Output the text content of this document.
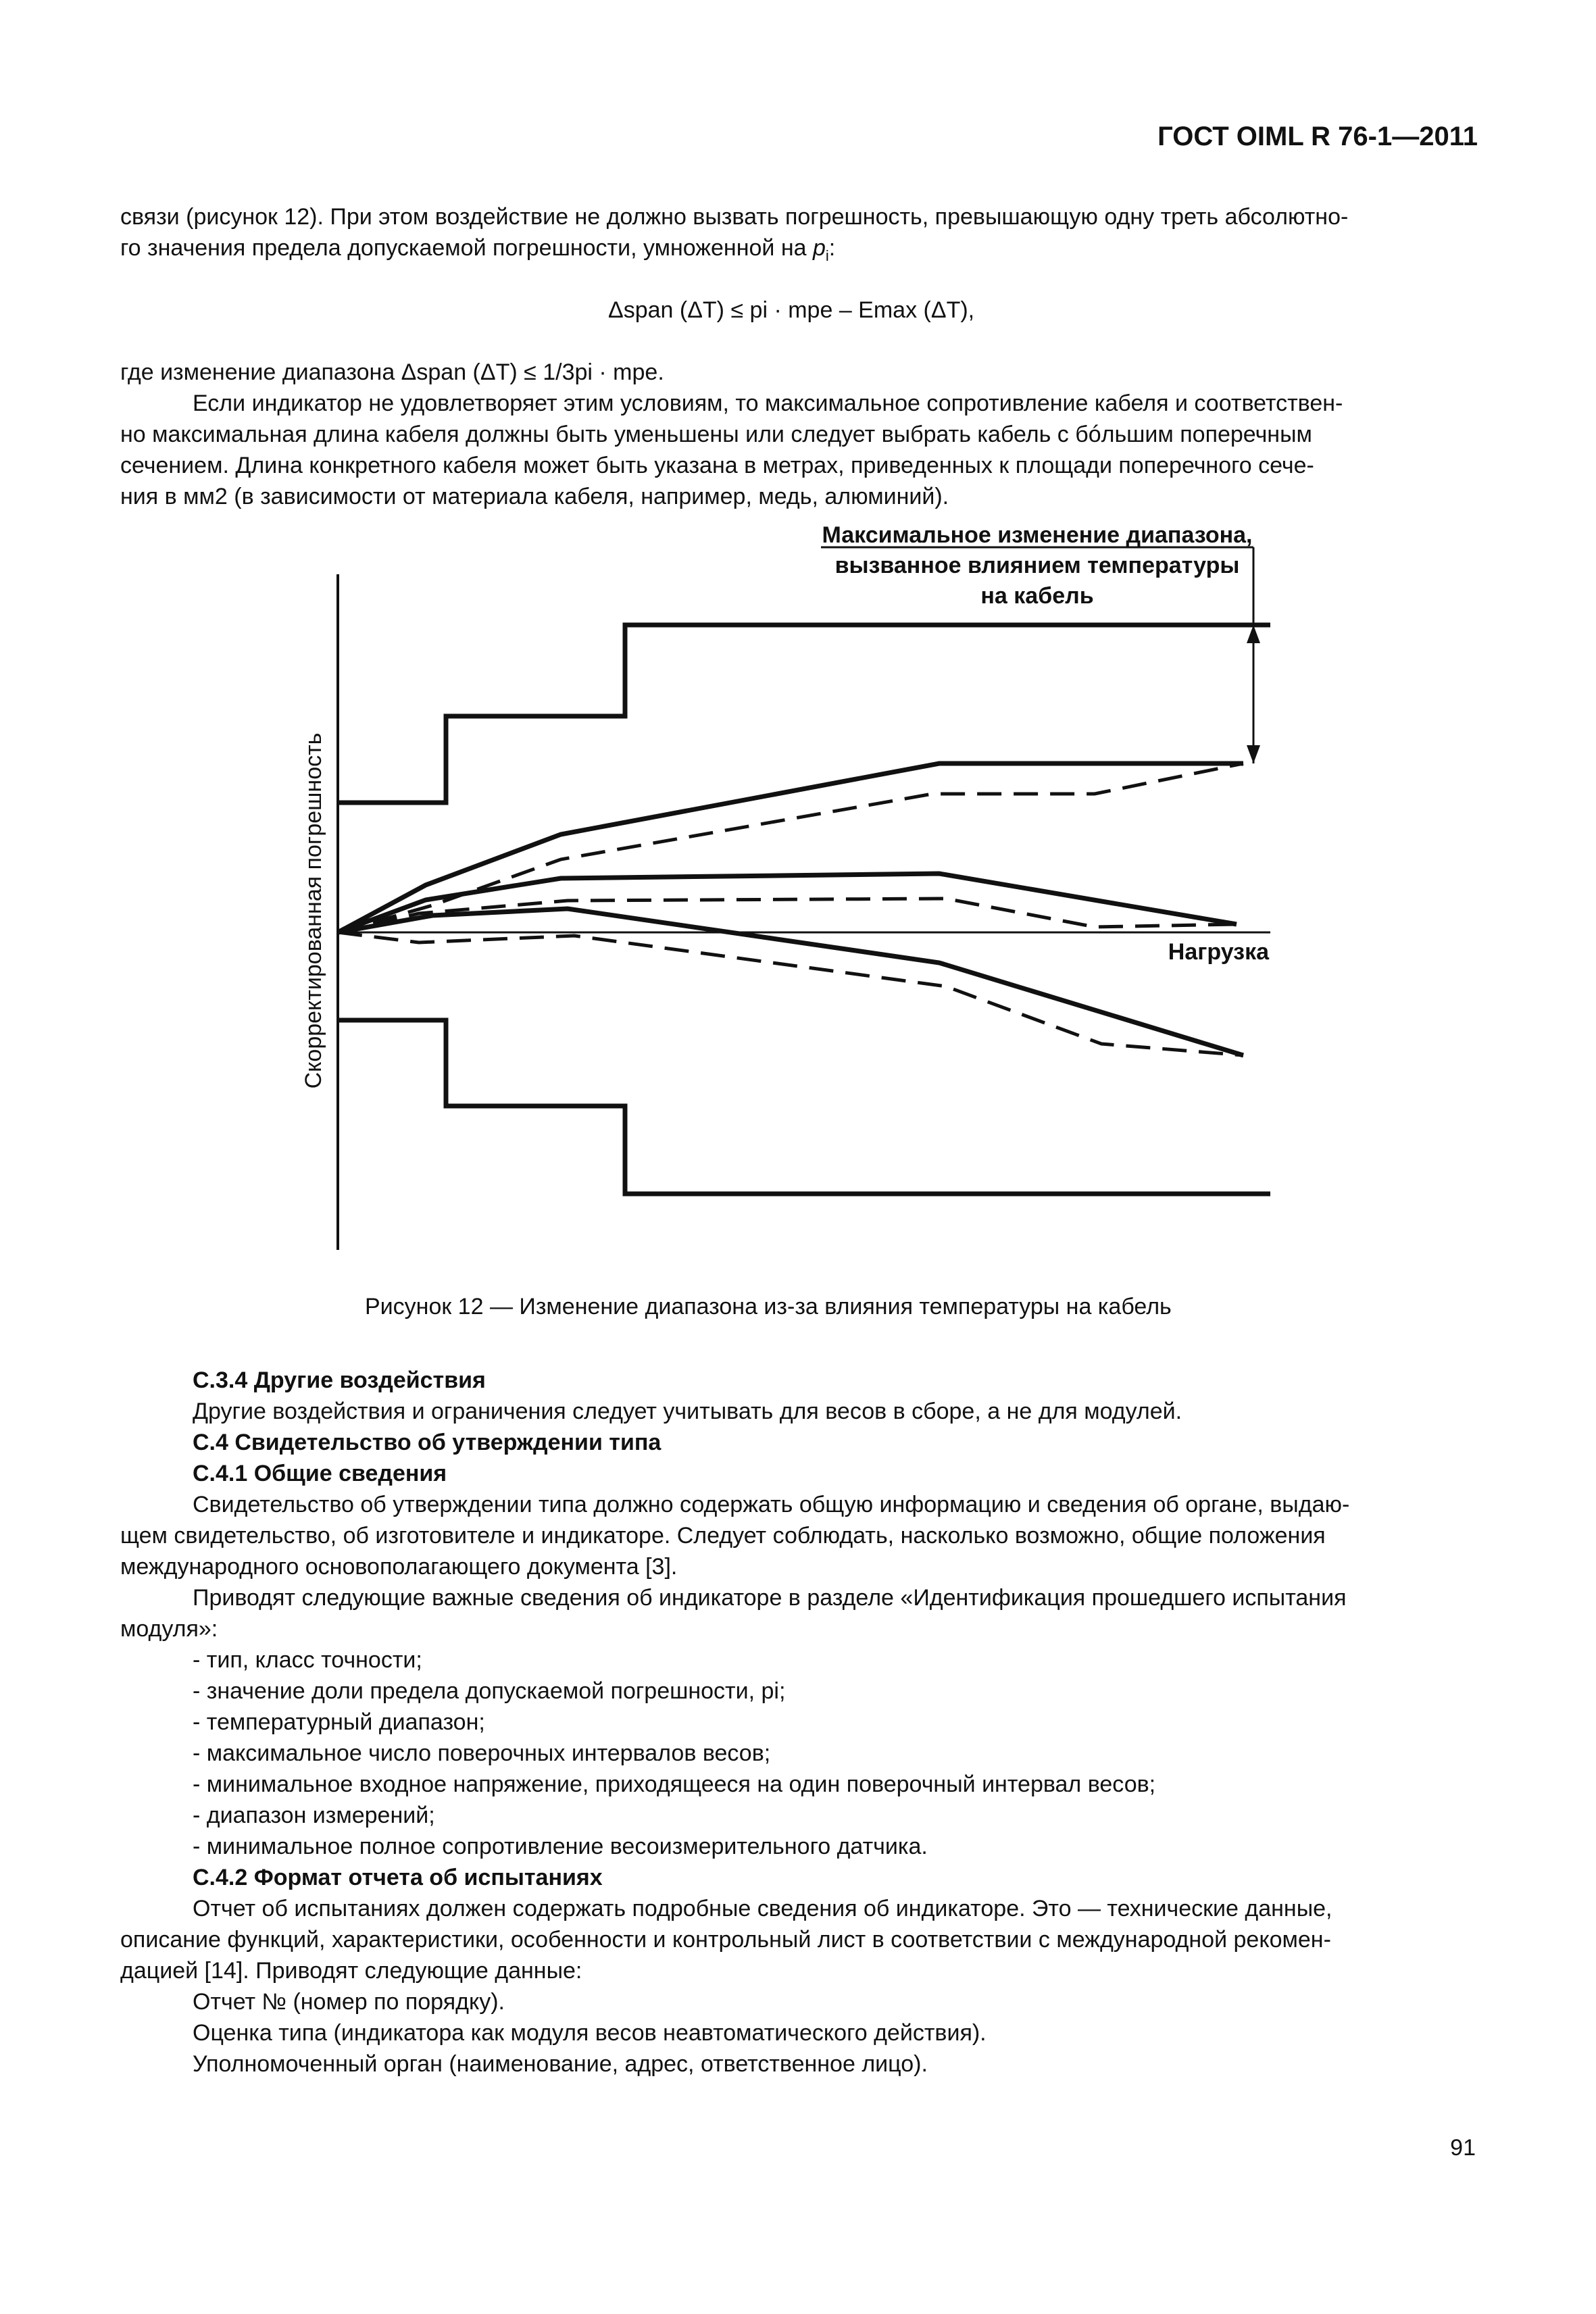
ГОСТ OIML R 76-1—2011
связи (рисунок 12). При этом воздействие не должно вызвать погрешность, превышающую одну треть абсолютно-
го значения предела допускаемой погрешности, умноженной на $p_i$:
Δspan (ΔT) ≤ pi · mpe – Emax (ΔT),
где изменение диапазона Δspan (ΔT) ≤ 1/3pi · mpe.
Если индикатор не удовлетворяет этим условиям, то максимальное сопротивление кабеля и соответствен-
но максимальная длина кабеля должны быть уменьшены или следует выбрать кабель с бóльшим поперечным
сечением. Длина конкретного кабеля может быть указана в метрах, приведенных к площади поперечного сече-
ния в мм2 (в зависимости от материала кабеля, например, медь, алюминий).
Максимальное изменение диапазона,
вызванное влиянием температуры
на кабель
Нагрузка
Скорректированная погрешность
Рисунок 12 — Изменение диапазона из-за влияния температуры на кабель
С.3.4 Другие воздействия
Другие воздействия и ограничения следует учитывать для весов в сборе, а не для модулей.
С.4 Свидетельство об утверждении типа
С.4.1 Общие сведения
Свидетельство об утверждении типа должно содержать общую информацию и сведения об органе, выдаю-
щем свидетельство, об изготовителе и индикаторе. Следует соблюдать, насколько возможно, общие положения
международного основополагающего документа [3].
Приводят следующие важные сведения об индикаторе в разделе «Идентификация прошедшего испытания
модуля»:
- тип, класс точности;
- значение доли предела допускаемой погрешности, pi;
- температурный диапазон;
- максимальное число поверочных интервалов весов;
- минимальное входное напряжение, приходящееся на один поверочный интервал весов;
- диапазон измерений;
- минимальное полное сопротивление весоизмерительного датчика.
С.4.2 Формат отчета об испытаниях
Отчет об испытаниях должен содержать подробные сведения об индикаторе. Это — технические данные,
описание функций, характеристики, особенности и контрольный лист в соответствии с международной рекомен-
дацией [14]. Приводят следующие данные:
Отчет № (номер по порядку).
Оценка типа (индикатора как модуля весов неавтоматического действия).
Уполномоченный орган (наименование, адрес, ответственное лицо).
91
